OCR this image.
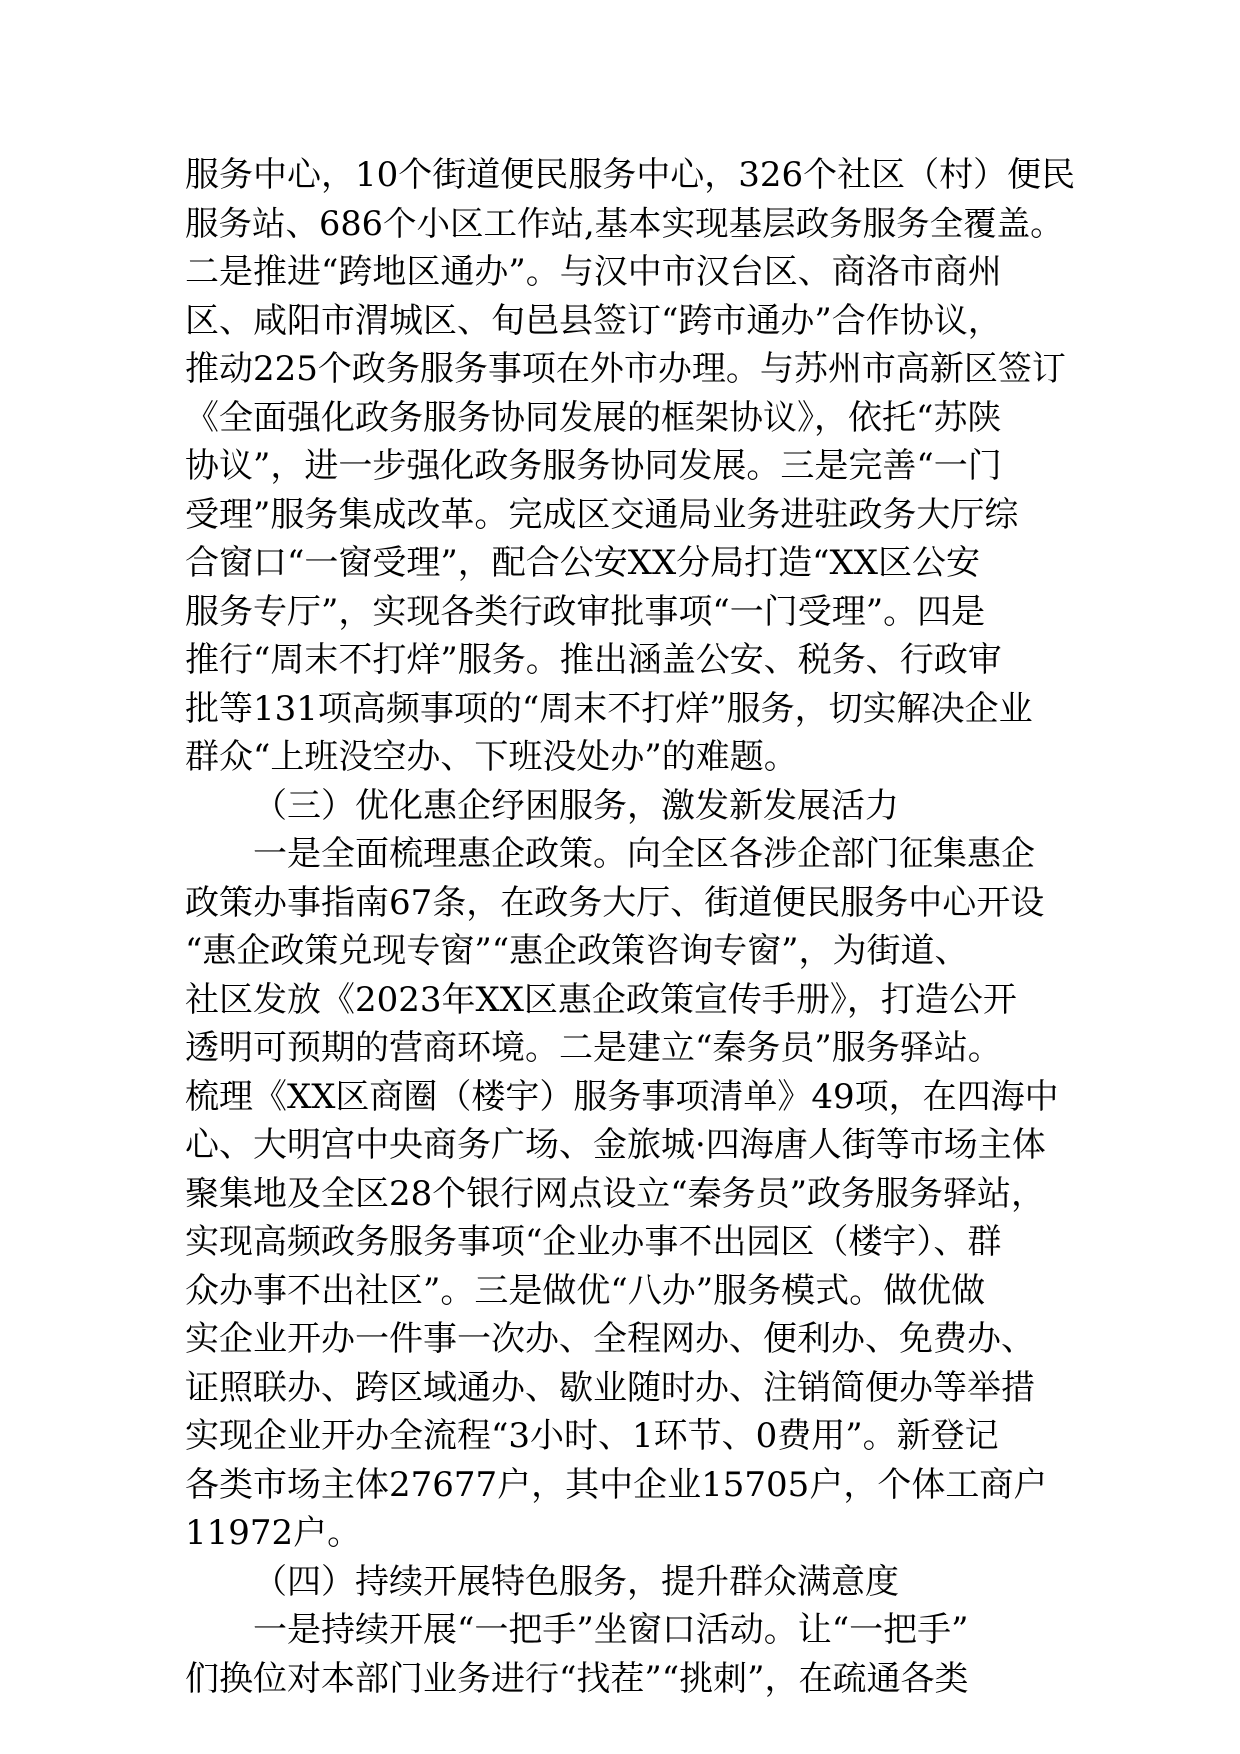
服务中心，10个街道便民服务中心，326个社区（村）便民
服务站、686个小区工作站,基本实现基层政务服务全覆盖。
二是推进“跨地区通办”。与汉中市汉台区、商洛市商州
区、咸阳市渭城区、旬邑县签订“跨市通办”合作协议，
推动225个政务服务事项在外市办理。与苏州市高新区签订
《全面强化政务服务协同发展的框架协议》，依托“苏陕
协议”，进一步强化政务服务协同发展。三是完善“一门
受理”服务集成改革。完成区交通局业务进驻政务大厅综
合窗口“一窗受理”，配合公安XX分局打造“XX区公安
服务专厅”，实现各类行政审批事项“一门受理”。四是
推行“周末不打烊”服务。推出涵盖公安、税务、行政审
批等131项高频事项的“周末不打烊”服务，切实解决企业
群众“上班没空办、下班没处办”的难题。
（三）优化惠企纾困服务，激发新发展活力
一是全面梳理惠企政策。向全区各涉企部门征集惠企
政策办事指南67条，在政务大厅、街道便民服务中心开设
“惠企政策兑现专窗”“惠企政策咨询专窗”，为街道、
社区发放《2023年XX区惠企政策宣传手册》，打造公开
透明可预期的营商环境。二是建立“秦务员”服务驿站。
梳理《XX区商圈（楼宇）服务事项清单》49项，在四海中
心、大明宫中央商务广场、金旅城·四海唐人街等市场主体
聚集地及全区28个银行网点设立“秦务员”政务服务驿站，
实现高频政务服务事项“企业办事不出园区（楼宇）、群
众办事不出社区”。三是做优“八办”服务模式。做优做
实企业开办一件事一次办、全程网办、便利办、免费办、
证照联办、跨区域通办、歇业随时办、注销简便办等举措
实现企业开办全流程“3小时、1环节、0费用”。新登记
各类市场主体27677户，其中企业15705户，个体工商户
11972户。
（四）持续开展特色服务，提升群众满意度
一是持续开展“一把手”坐窗口活动。让“一把手”
们换位对本部门业务进行“找茬”“挑刺”，在疏通各类
